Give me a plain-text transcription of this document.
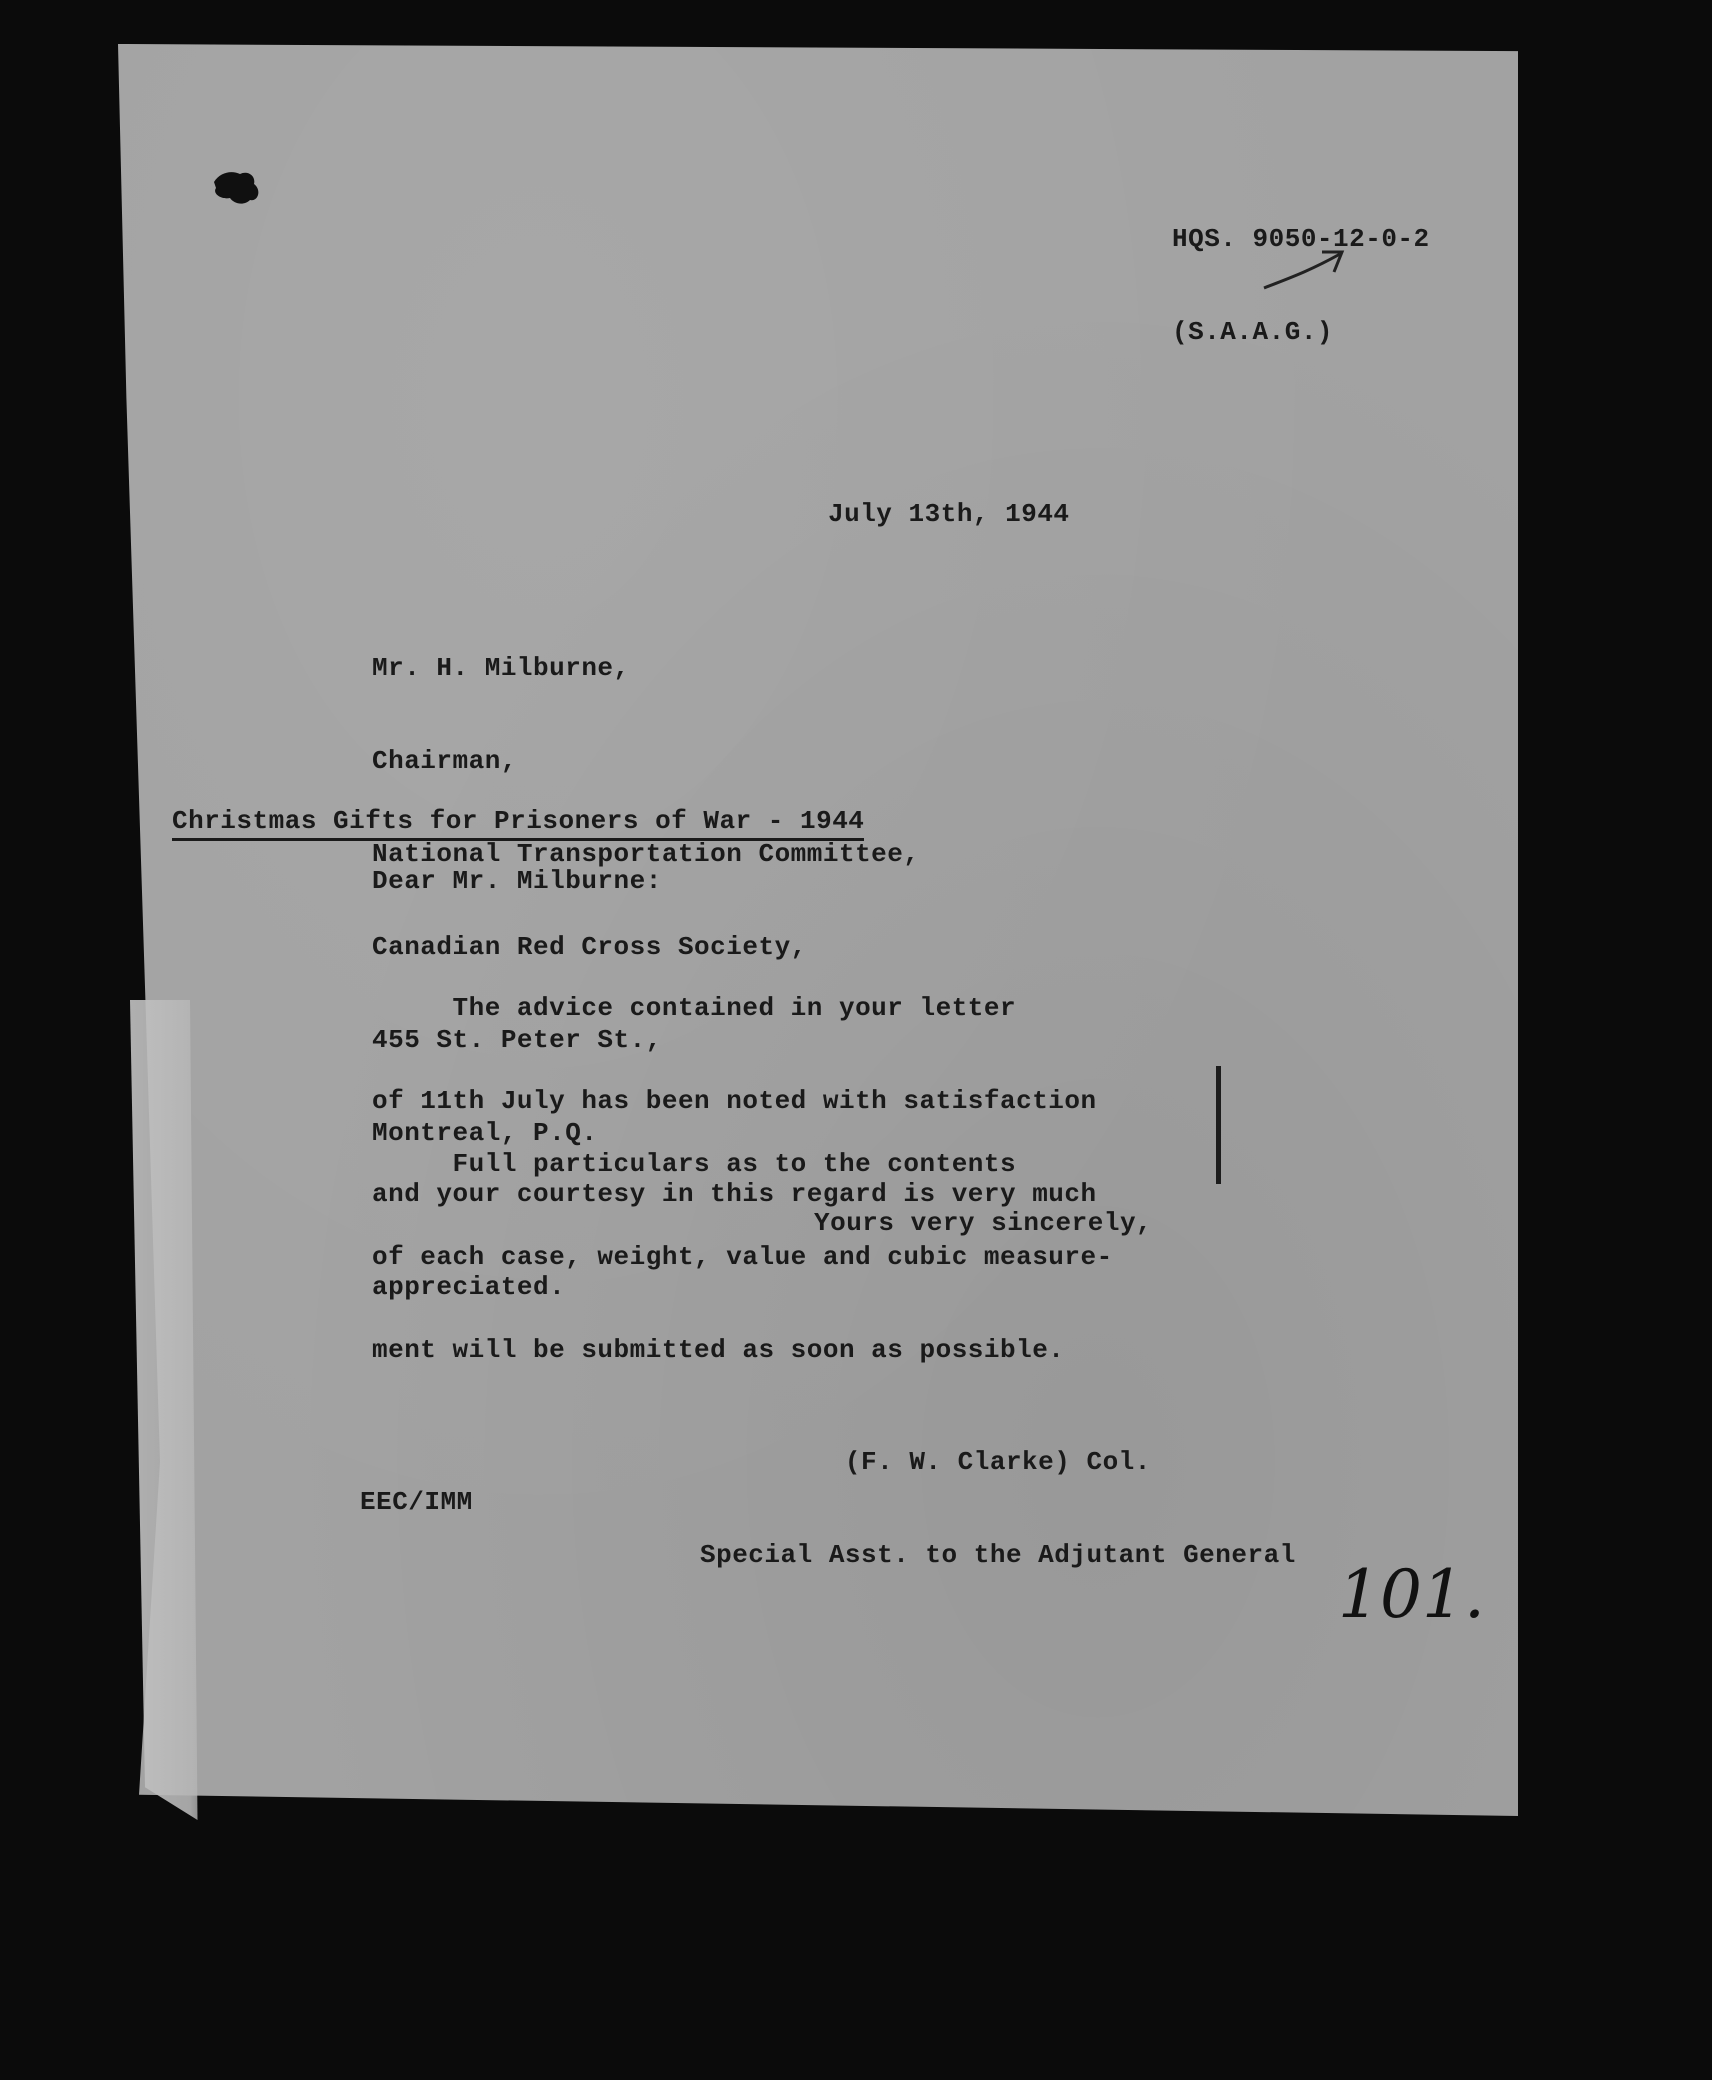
HQS. 9050-12-0-2

(S.A.A.G.)

July 13th, 1944

Mr. H. Milburne,

Chairman,

National Transportation Committee,

Canadian Red Cross Society,

455 St. Peter St.,

Montreal, P.Q.

Christmas Gifts for Prisoners of War - 1944
Dear Mr. Milburne:

The advice contained in your letter

of 11th July has been noted with satisfaction

and your courtesy in this regard is very much

appreciated.

Full particulars as to the contents

of each case, weight, value and cubic measure-

ment will be submitted as soon as possible.

Yours very sincerely,

(F. W. Clarke) Col.

Special Asst. to the Adjutant General

EEC/IMM
101.
